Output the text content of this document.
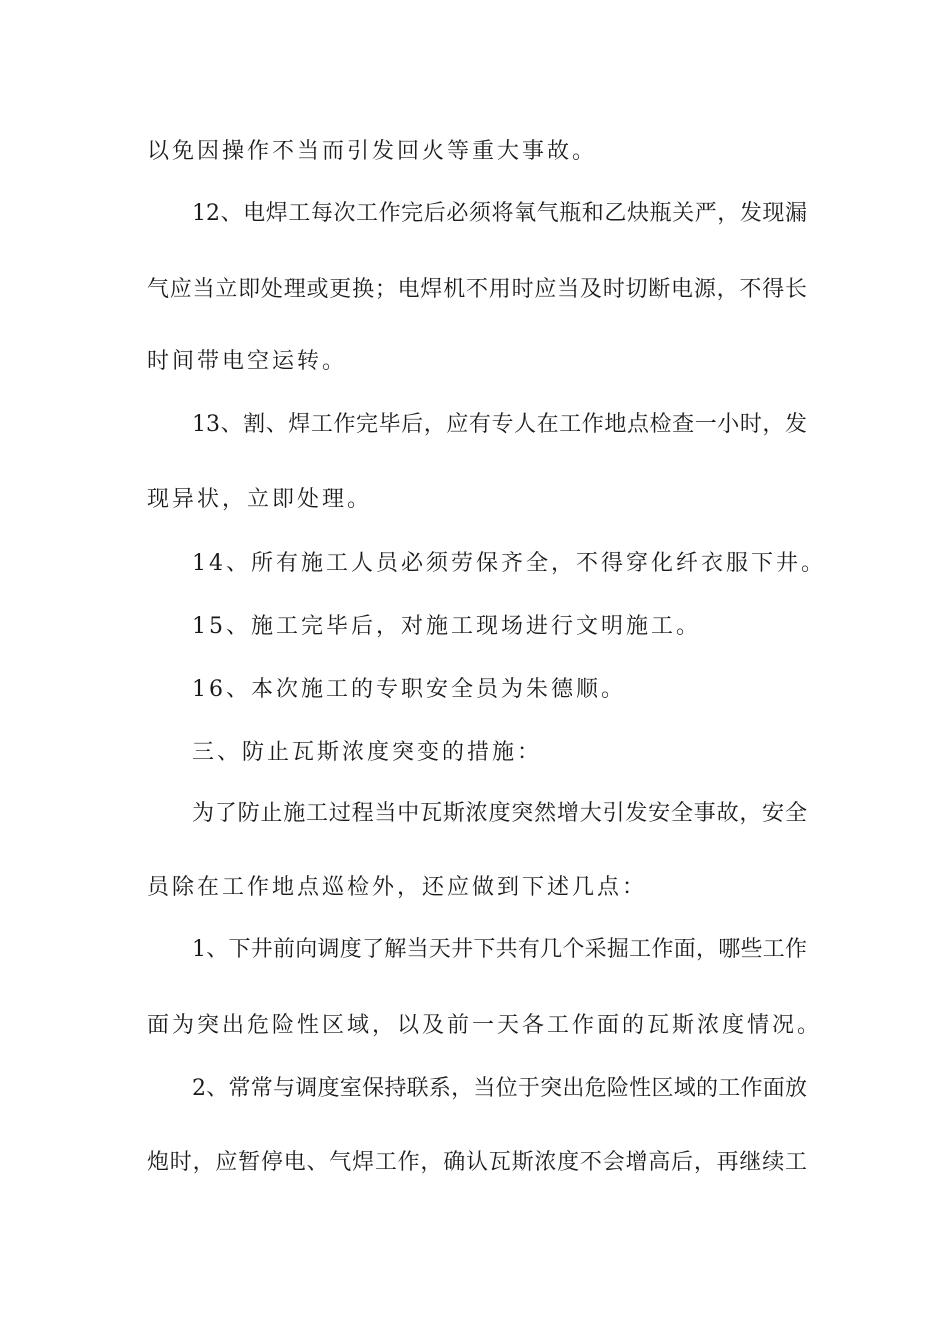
以免因操作不当而引发回火等重大事故。
12、电焊工每次工作完后必须将氧气瓶和乙炔瓶关严，发现漏
气应当立即处理或更换；电焊机不用时应当及时切断电源，不得长
时间带电空运转。
13、割、焊工作完毕后，应有专人在工作地点检查一小时，发
现异状，立即处理。
14、所有施工人员必须劳保齐全，不得穿化纤衣服下井。
15、施工完毕后，对施工现场进行文明施工。
16、本次施工的专职安全员为朱德顺。
三、防止瓦斯浓度突变的措施：
为了防止施工过程当中瓦斯浓度突然增大引发安全事故，安全
员除在工作地点巡检外，还应做到下述几点：
1、下井前向调度了解当天井下共有几个采掘工作面，哪些工作
面为突出危险性区域，以及前一天各工作面的瓦斯浓度情况。
2、常常与调度室保持联系，当位于突出危险性区域的工作面放
炮时，应暂停电、气焊工作，确认瓦斯浓度不会增高后，再继续工
